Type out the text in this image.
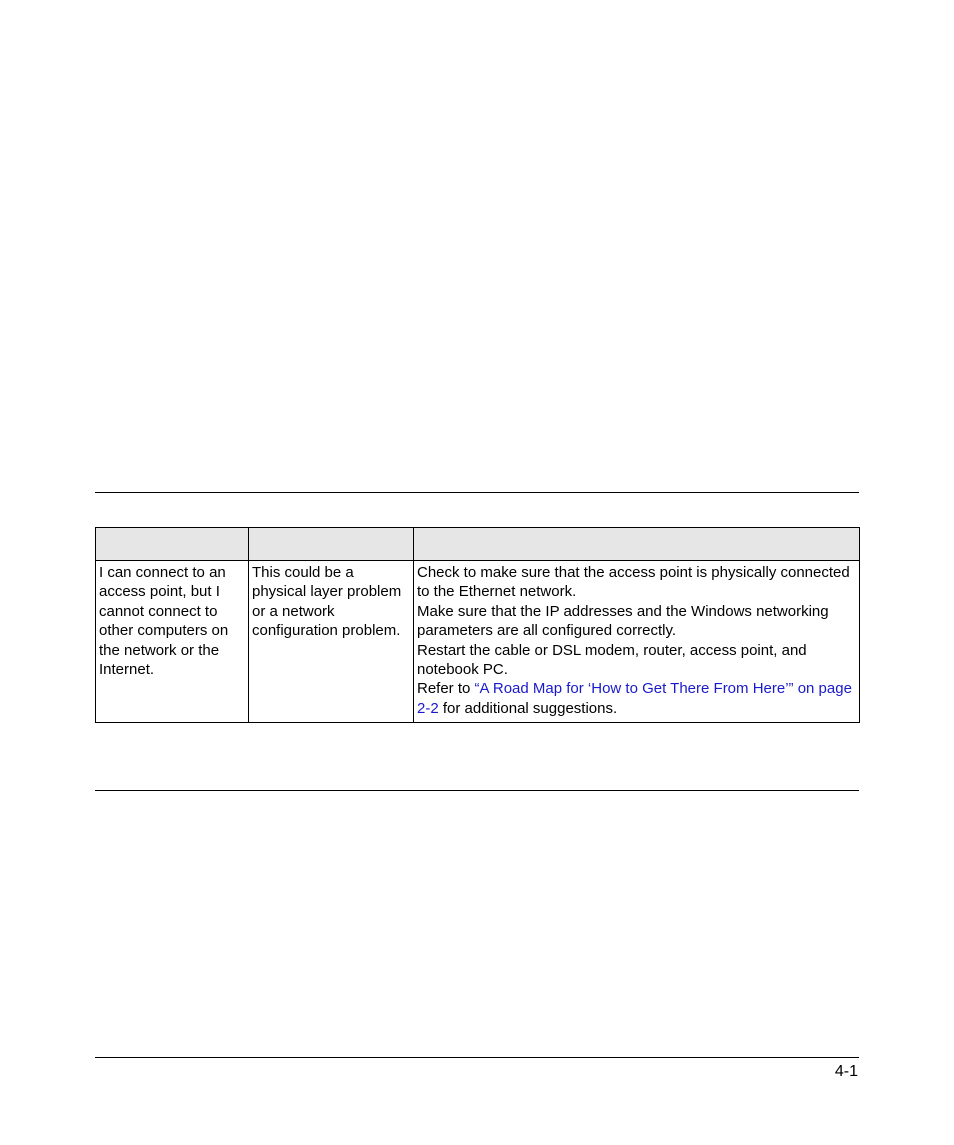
I can connect to an access point, but I cannot connect to other computers on the network or the Internet.	This could be a physical layer problem or a network configuration problem.	Check to make sure that the access point is physically connected to the Ethernet network.
Make sure that the IP addresses and the Windows networking parameters are all configured correctly.
Restart the cable or DSL modem, router, access point, and notebook PC.
Refer to “A Road Map for ‘How to Get There From Here’” on page 2-2 for additional suggestions.
4-1
